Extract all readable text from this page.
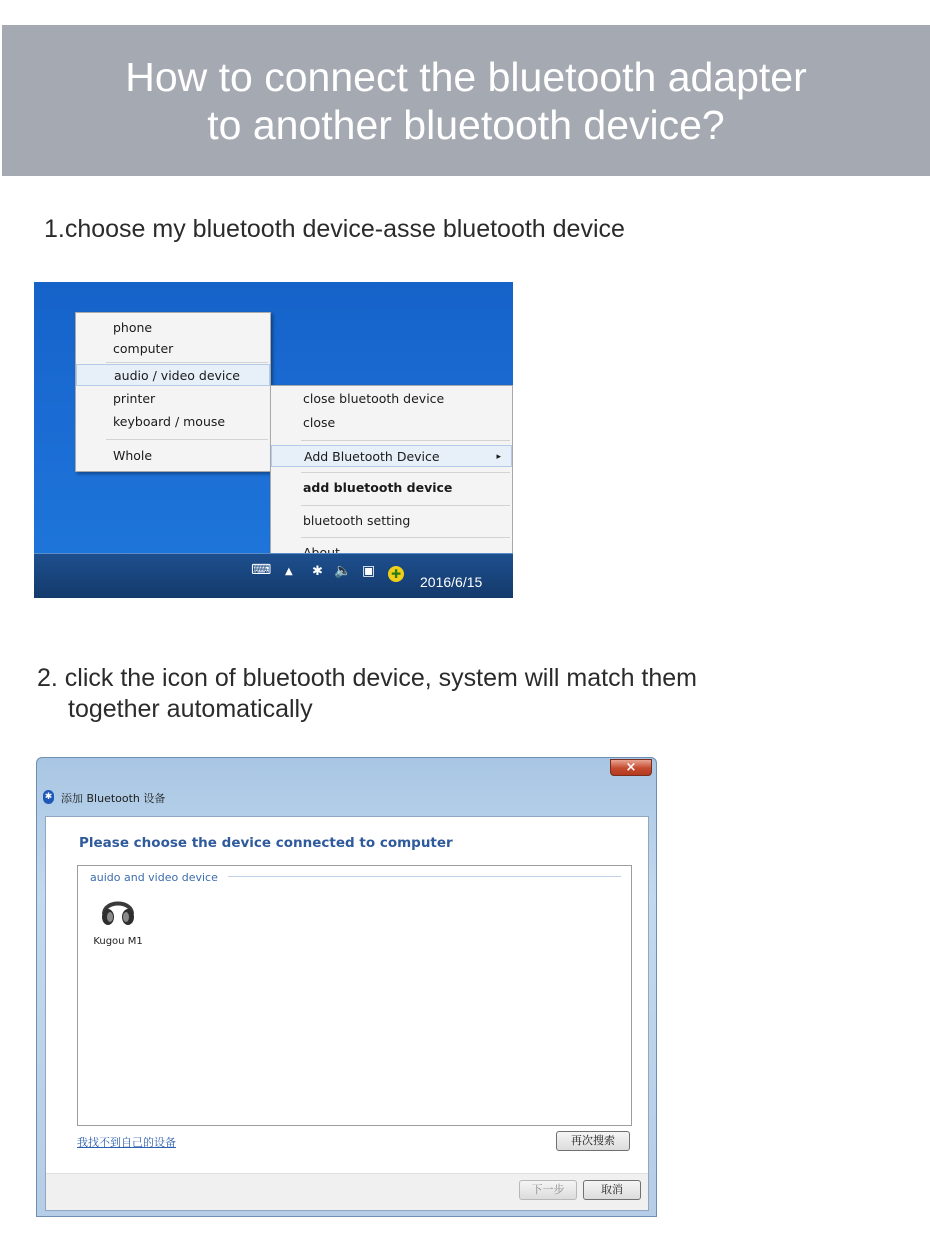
How to connect the bluetooth adapter
to another bluetooth device?
1.choose my bluetooth device-asse bluetooth device
phone
computer
audio / video device
printer
keyboard / mouse
Whole
close bluetooth device
close
Add Bluetooth Device	▸
add bluetooth device
bluetooth setting
⌨ ▲ ✱ 🔈 ▣ ✚ 2016/6/15
2. click the icon of bluetooth device, system will match them
together automatically
×
✱ 添加 Bluetooth 设备
Please choose the device connected to computer
auido and video device
Kugou M1
我找不到自己的设备	再次搜索
下一步	取消
